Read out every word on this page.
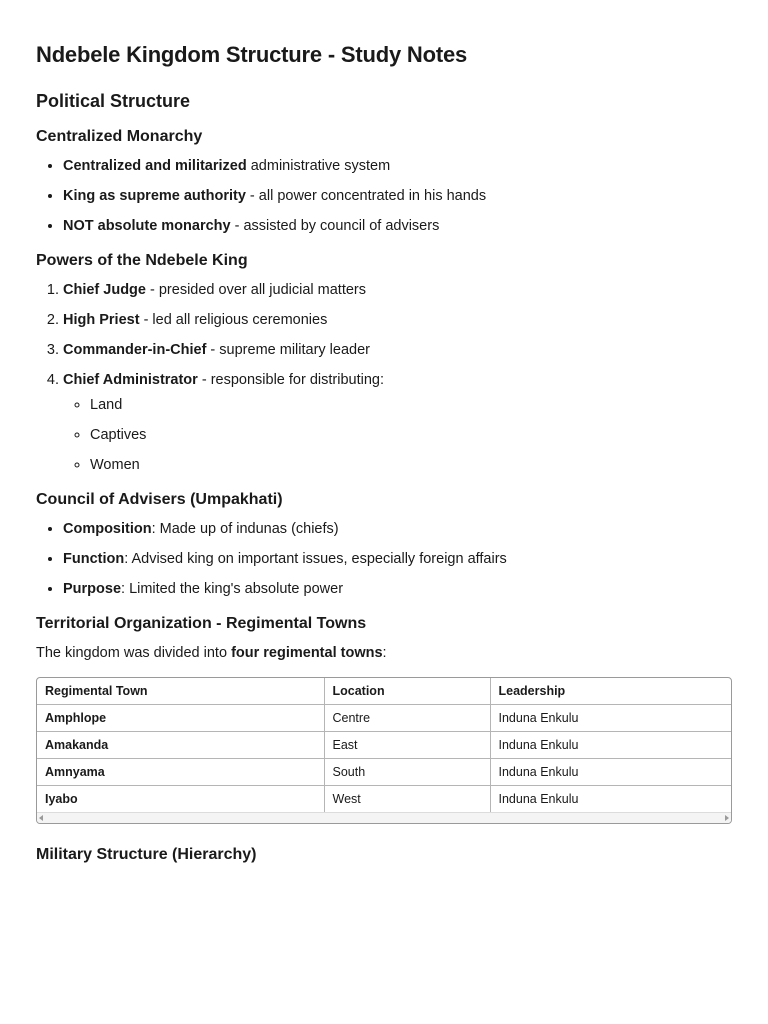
Ndebele Kingdom Structure - Study Notes
Political Structure
Centralized Monarchy
• Centralized and militarized administrative system
• King as supreme authority - all power concentrated in his hands
• NOT absolute monarchy - assisted by council of advisers
Powers of the Ndebele King
1. Chief Judge - presided over all judicial matters
2. High Priest - led all religious ceremonies
3. Commander-in-Chief - supreme military leader
4. Chief Administrator - responsible for distributing:
◦ Land
◦ Captives
◦ Women
Council of Advisers (Umpakhati)
• Composition: Made up of indunas (chiefs)
• Function: Advised king on important issues, especially foreign affairs
• Purpose: Limited the king's absolute power
Territorial Organization - Regimental Towns

The kingdom was divided into four regimental towns:

Regimental Town	Location	Leadership
Amphlope	Centre	Induna Enkulu
Amakanda	East	Induna Enkulu
Amnyama	South	Induna Enkulu
Iyabo	West	Induna Enkulu
Military Structure (Hierarchy)
